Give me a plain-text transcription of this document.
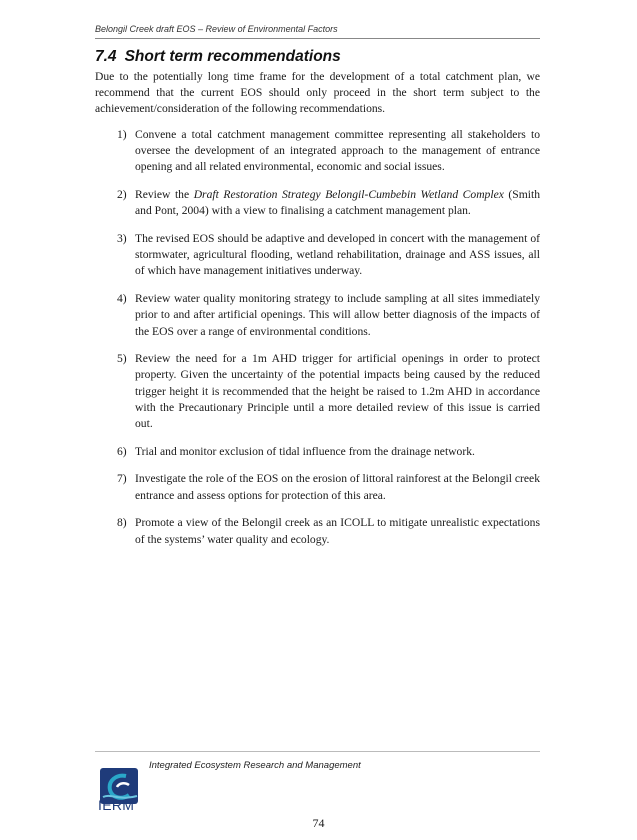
Belongil Creek draft EOS – Review of Environmental Factors
7.4 Short term recommendations

Due to the potentially long time frame for the development of a total catchment plan, we recommend that the current EOS should only proceed in the short term subject to the achievement/consideration of the following recommendations.

1) Convene a total catchment management committee representing all stakeholders to oversee the development of an integrated approach to the management of entrance opening and all related environmental, economic and social issues.
2) Review the Draft Restoration Strategy Belongil-Cumbebin Wetland Complex (Smith and Pont, 2004) with a view to finalising a catchment management plan.
3) The revised EOS should be adaptive and developed in concert with the management of stormwater, agricultural flooding, wetland rehabilitation, drainage and ASS issues, all of which have management initiatives underway.
4) Review water quality monitoring strategy to include sampling at all sites immediately prior to and after artificial openings. This will allow better diagnosis of the impacts of the EOS over a range of environmental conditions.
5) Review the need for a 1m AHD trigger for artificial openings in order to protect property. Given the uncertainty of the potential impacts being caused by the reduced trigger height it is recommended that the height be raised to 1.2m AHD in accordance with the Precautionary Principle until a more detailed review of this issue is carried out.
6) Trial and monitor exclusion of tidal influence from the drainage network.
7) Investigate the role of the EOS on the erosion of littoral rainforest at the Belongil creek entrance and assess options for protection of this area.
8) Promote a view of the Belongil creek as an ICOLL to mitigate unrealistic expectations of the systems’ water quality and ecology.
IERM
Integrated Ecosystem Research and Management
74
